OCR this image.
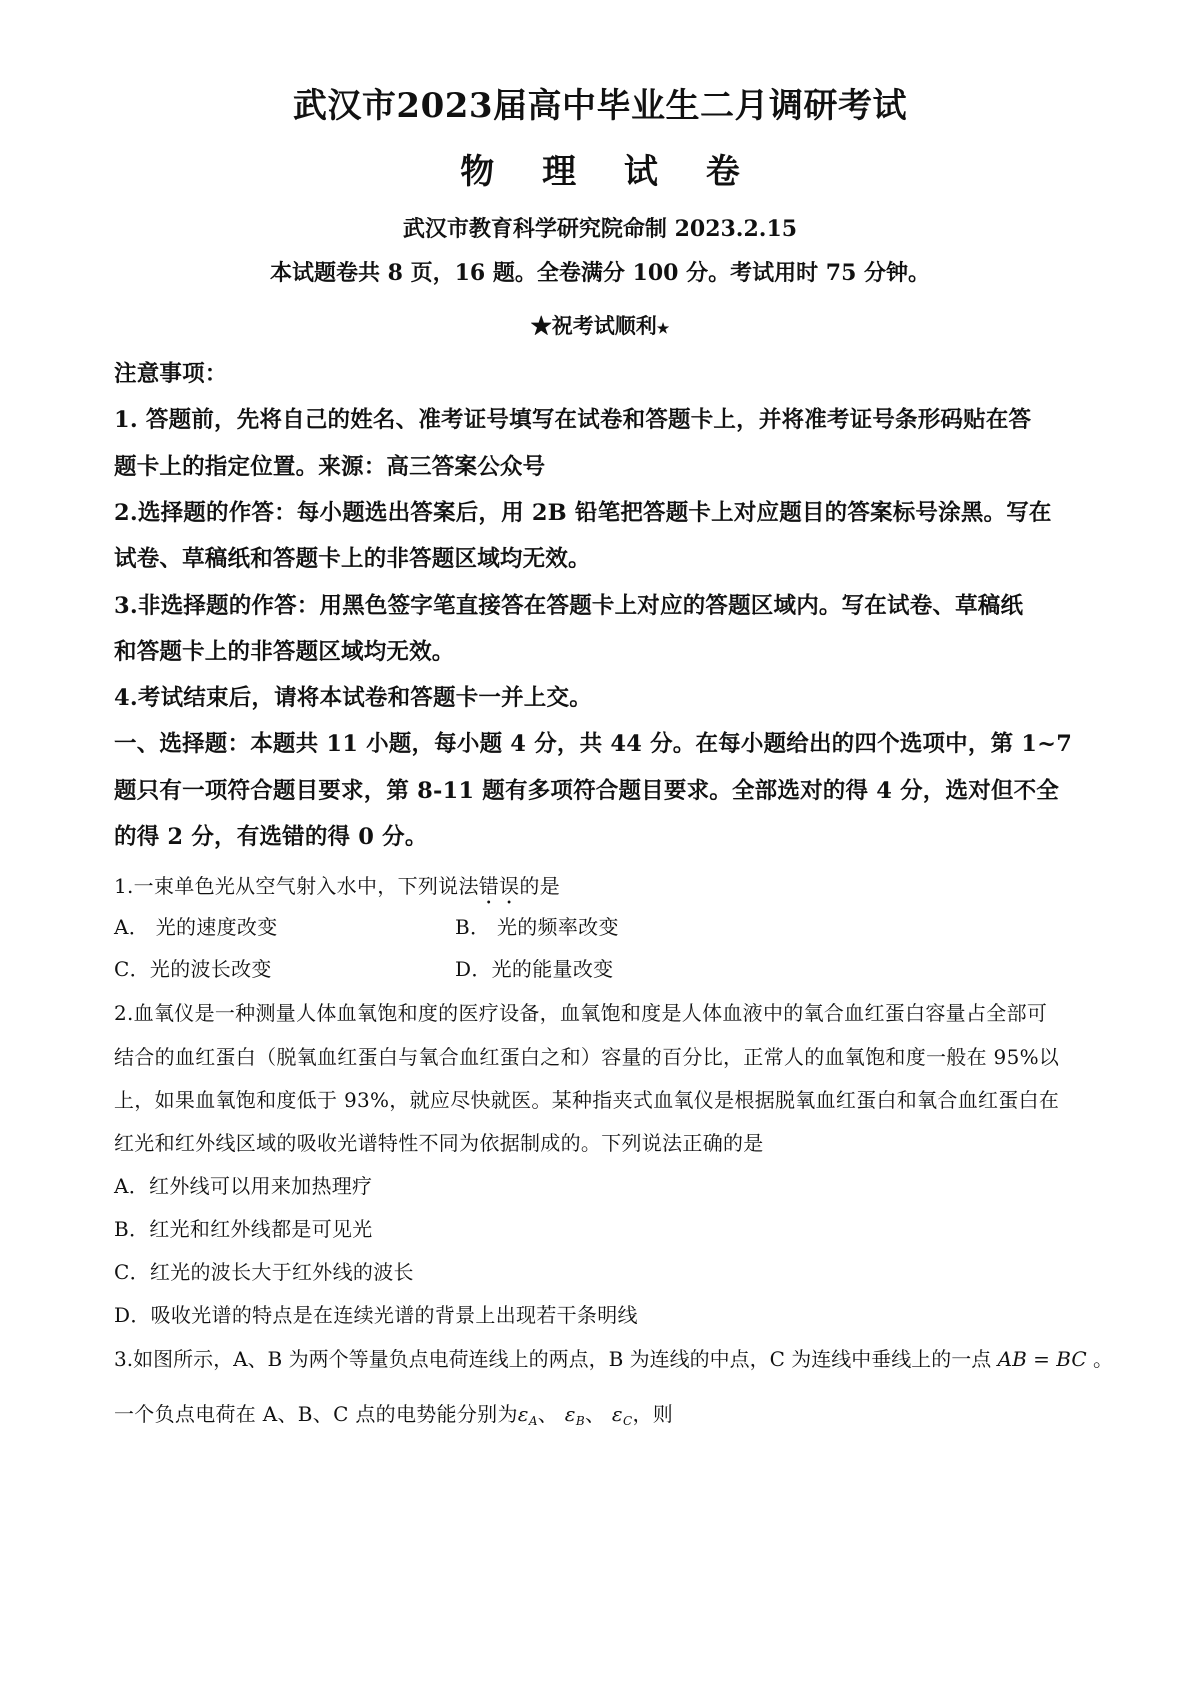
武汉市2023届高中毕业生二月调研考试
物 理 试 卷
武汉市教育科学研究院命制 2023.2.15
本试题卷共 8 页，16 题。全卷满分 100 分。考试用时 75 分钟。
★祝考试顺利★
注意事项：
1. 答题前，先将自己的姓名、准考证号填写在试卷和答题卡上，并将准考证号条形码贴在答
题卡上的指定位置。来源：高三答案公众号
2.选择题的作答：每小题选出答案后，用 2B 铅笔把答题卡上对应题目的答案标号涂黑。写在
试卷、草稿纸和答题卡上的非答题区域均无效。
3.非选择题的作答：用黑色签字笔直接答在答题卡上对应的答题区域内。写在试卷、草稿纸
和答题卡上的非答题区域均无效。
4.考试结束后，请将本试卷和答题卡一并上交。
一、选择题：本题共 11 小题，每小题 4 分，共 44 分。在每小题给出的四个选项中，第 1~7
题只有一项符合题目要求，第 8-11 题有多项符合题目要求。全部选对的得 4 分，选对但不全
的得 2 分，有选错的得 0 分。
1.一束单色光从空气射入水中，下列说法错误的是
A． 光的速度改变	B． 光的频率改变
C．光的波长改变	D．光的能量改变
2.血氧仪是一种测量人体血氧饱和度的医疗设备，血氧饱和度是人体血液中的氧合血红蛋白容量占全部可
结合的血红蛋白（脱氧血红蛋白与氧合血红蛋白之和）容量的百分比，正常人的血氧饱和度一般在 95%以
上，如果血氧饱和度低于 93%，就应尽快就医。某种指夹式血氧仪是根据脱氧血红蛋白和氧合血红蛋白在
红光和红外线区域的吸收光谱特性不同为依据制成的。下列说法正确的是
A．红外线可以用来加热理疗
B．红光和红外线都是可见光
C．红光的波长大于红外线的波长
D．吸收光谱的特点是在连续光谱的背景上出现若干条明线
3.如图所示，A、B 为两个等量负点电荷连线上的两点，B 为连线的中点，C 为连线中垂线上的一点 AB = BC 。
一个负点电荷在 A、B、C 点的电势能分别为$\varepsilon_A$、 $\varepsilon_B$、 $\varepsilon_C$，则
